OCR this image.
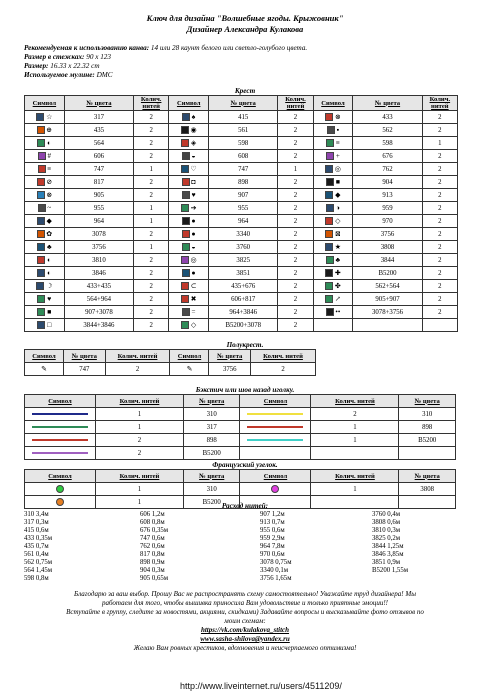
Ключ для дизайна "Волшебные ягоды. Крыжовник"
Дизайнер Александра Кулакова
Рекомендуемая к использованию канва: 14 или 28 каунт белого или светло-голубого цвета.
Размер в стежках: 90 х 123
Размер: 16.33 х 22.32 cm
Используемое мулине: DMC
Крест
Символ	№ цвета	Колич. нитей	Символ	№ цвета	Колич. нитей	Символ	№ цвета	Колич. нитей
☆	317	2	♠	415	2	⊗	433	2
⊕	435	2	◉	561	2	▪	562	2
◐	564	2	◈	598	2	≡	598	1
#	606	2	◒	608	2	+	676	2
≡	747	1	♡	747	1	◎	762	2
⊘	817	2	◘	898	2	■	904	2
⊗	905	2	♥	907	2	◆	913	2
~	955	1	➔	955	2	◑	959	2
◆	964	1	●	964	2	◇	970	2
✿	3078	2	●	3340	2	⊠	3756	2
♣	3756	1	◒	3760	2	★	3808	2
◐	3810	2	◎	3825	2	♣	3844	2
◐	3846	2	●	3851	2	✚	B5200	2
☽	433+435	2	⊂	435+676	2	✤	562+564	2
♥	564+964	2	✖	606+817	2	↗	905+907	2
■	907+3078	2	=	964+3846	2	••	3078+3756	2
□	3844+3846	2	◇	B5200+3078	2			
Полукрест.
Символ	№ цвета	Колич. нитей	Символ	№ цвета	Колич. нитей
✎	747	2	✎	3756	2
Бэкстич или шов назад иголку.
Символ	Колич. нитей	№ цвета	Символ	Колич. нитей	№ цвета
	1	310		2	310
	1	317		1	898
	2	898		1	B5200
	2	B5200			
Французский узелок.
Символ	Колич. нитей	№ цвета	Символ	Колич. нитей	№ цвета
	1	310		1	3808
	1	B5200			Расход нитей:
310 3,4м
317 0,3м
415 0,6м
433 0,35м
435 0,7м
561 0,4м
562 0,75м
564 1,45м
598 0,8м
606 1,2м
608 0,8м
676 0,35м
747 0,6м
762 0,6м
817 0,8м
898 0,9м
904 0,3м
905 0,65м
907 1,2м
913 0,7м
955 0,6м
959 2,9м
964 7,8м
970 0,6м
3078 0,75м
3340 0,1м
3756 1,65м
3760 0,4м
3808 0,6м
3810 0,3м
3825 0,2м
3844 1,25м
3846 3,85м
3851 0,9м
B5200 1,55м
Благодарю за ваш выбор. Прошу Вас не распространять схему самостоятельно! Уважайте труд дизайнера! Мы
работаем для того, чтобы вышивка приносила Вам удовольствие и только приятные эмоции!!
Вступайте в группу, следите за новостями, акциями, скидками) Задавайте вопросы и высказывайте фото отзывов по
моим схемам:
https://vk.com/kulakova_stitch
www.sasha-shilova@yandex.ru
Желаю Вам ровных крестиков, вдохновения и неисчерпаемого оптимизма!
http://www.liveinternet.ru/users/4511209/
